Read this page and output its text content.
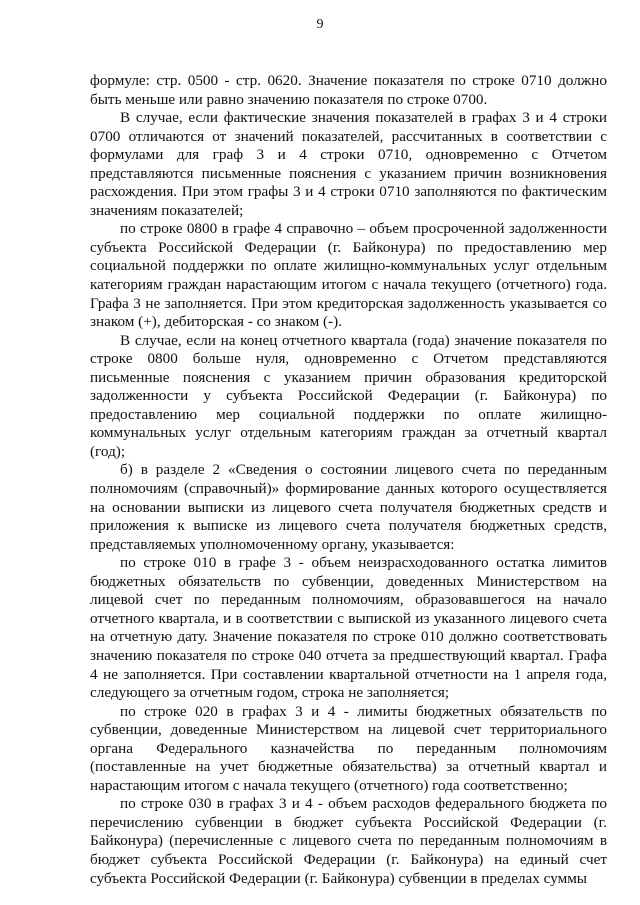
9

формуле: стр. 0500 - стр. 0620. Значение показателя по строке 0710 должно быть меньше или равно значению показателя по строке 0700.

В случае, если фактические значения показателей в графах 3 и 4 строки 0700 отличаются от значений показателей, рассчитанных в соответствии с формулами для граф 3 и 4 строки 0710, одновременно с Отчетом представляются письменные пояснения с указанием причин возникновения расхождения. При этом графы 3 и 4 строки 0710 заполняются по фактическим значениям показателей;

по строке 0800 в графе 4 справочно – объем просроченной задолженности субъекта Российской Федерации (г. Байконура) по предоставлению мер социальной поддержки по оплате жилищно-коммунальных услуг отдельным категориям граждан нарастающим итогом с начала текущего (отчетного) года. Графа 3 не заполняется. При этом кредиторская задолженность указывается со знаком (+), дебиторская - со знаком (-).

В случае, если на конец отчетного квартала (года) значение показателя по строке 0800 больше нуля, одновременно с Отчетом представляются письменные пояснения с указанием причин образования кредиторской задолженности у субъекта Российской Федерации (г. Байконура) по предоставлению мер социальной поддержки по оплате жилищно-коммунальных услуг отдельным категориям граждан за отчетный квартал (год);

б) в разделе 2 «Сведения о состоянии лицевого счета по переданным полномочиям (справочный)» формирование данных которого осуществляется на основании выписки из лицевого счета получателя бюджетных средств и приложения к выписке из лицевого счета получателя бюджетных средств, представляемых уполномоченному органу, указывается:

по строке 010 в графе 3 - объем неизрасходованного остатка лимитов бюджетных обязательств по субвенции, доведенных Министерством на лицевой счет по переданным полномочиям, образовавшегося на начало отчетного квартала, и в соответствии с выпиской из указанного лицевого счета на отчетную дату. Значение показателя по строке 010 должно соответствовать значению показателя по строке 040 отчета за предшествующий квартал. Графа 4 не заполняется. При составлении квартальной отчетности на 1 апреля года, следующего за отчетным годом, строка не заполняется;

по строке 020 в графах 3 и 4 - лимиты бюджетных обязательств по субвенции, доведенные Министерством на лицевой счет территориального органа Федерального казначейства по переданным полномочиям (поставленные на учет бюджетные обязательства) за отчетный квартал и нарастающим итогом с начала текущего (отчетного) года соответственно;

по строке 030 в графах 3 и 4 - объем расходов федерального бюджета по перечислению субвенции в бюджет субъекта Российской Федерации (г. Байконура) (перечисленные с лицевого счета по переданным полномочиям в бюджет субъекта Российской Федерации (г. Байконура) на единый счет субъекта Российской Федерации (г. Байконура) субвенции в пределах суммы
